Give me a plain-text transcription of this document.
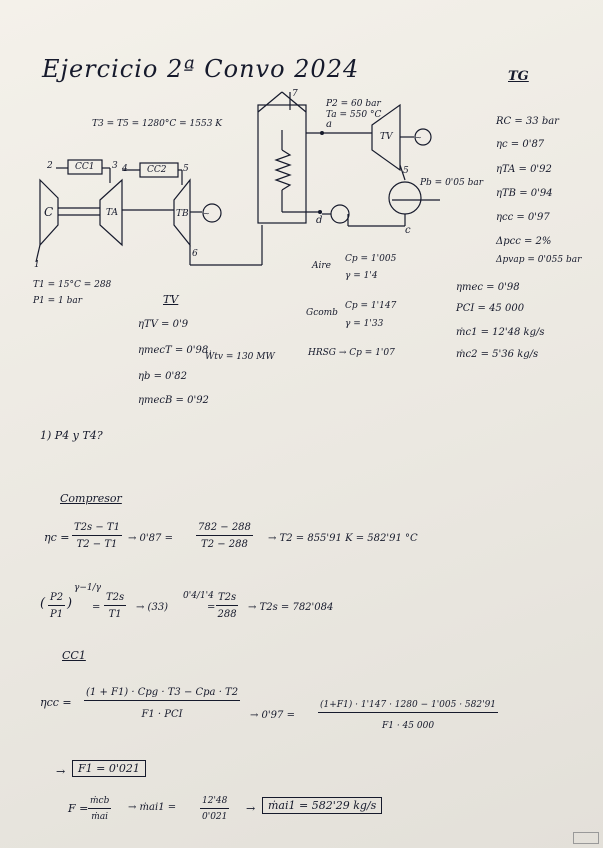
Ejercicio 2ª Convo 2024	TG
T3 = T5 = 1280°C = 1553 K
~
~
2	3 4	5
6
7
1
a
d
c
5
CC1	CC2
C	TA	TB
TV
P2 = 60 bar
Ta = 550 °C
Pb = 0'05 bar
T1 = 15°C = 288
P1 = 1 bar
RC = 33 bar
ηc = 0'87
ηTA = 0'92
ηTB = 0'94
ηcc = 0'97
Δpcc = 2%
Δpvap = 0'055 bar
ηmec = 0'98
PCI = 45 000
ṁc1 = 12'48 kg/s
ṁc2 = 5'36 kg/s
TV
ηTV = 0'9
ηmecT = 0'98
ηb = 0'82
ηmecB = 0'92
Ẇtv = 130 MW
Aire
Cp = 1'005
γ = 1'4
Gcomb
Cp = 1'147
γ = 1'33
HRSG → Cp = 1'07
1) P4 y T4?
Compresor
$\eta c = \frac{T2s - T1}{T2 - T1} \to 0'87 = \frac{782 - 288}{T2 - 288} \to T2 = 855'91$ K = 582'91 °C
( $\frac{P2}{P1}$ )
γ−1/γ
= $\frac{T2s}{T1} \to (33)$
0'4/1'4
= $\frac{T2s}{288} \to T2s = 782'084$
CC1
ηcc =
(1 + F1) · Cpg · T3 − Cpa · T2
F1 · PCI	→ 0'97 =	$\frac{(1+F1) \cdot 1'147 \cdot 1280 - 1'005 \cdot 582'91}{F1 \cdot 45 000}$
→	F1 = 0'021
F =
ṁcb
ṁai
→ ṁai1 =	$\frac{12'48}{0'021}$ →	ṁai1 = 582'29 kg/s
